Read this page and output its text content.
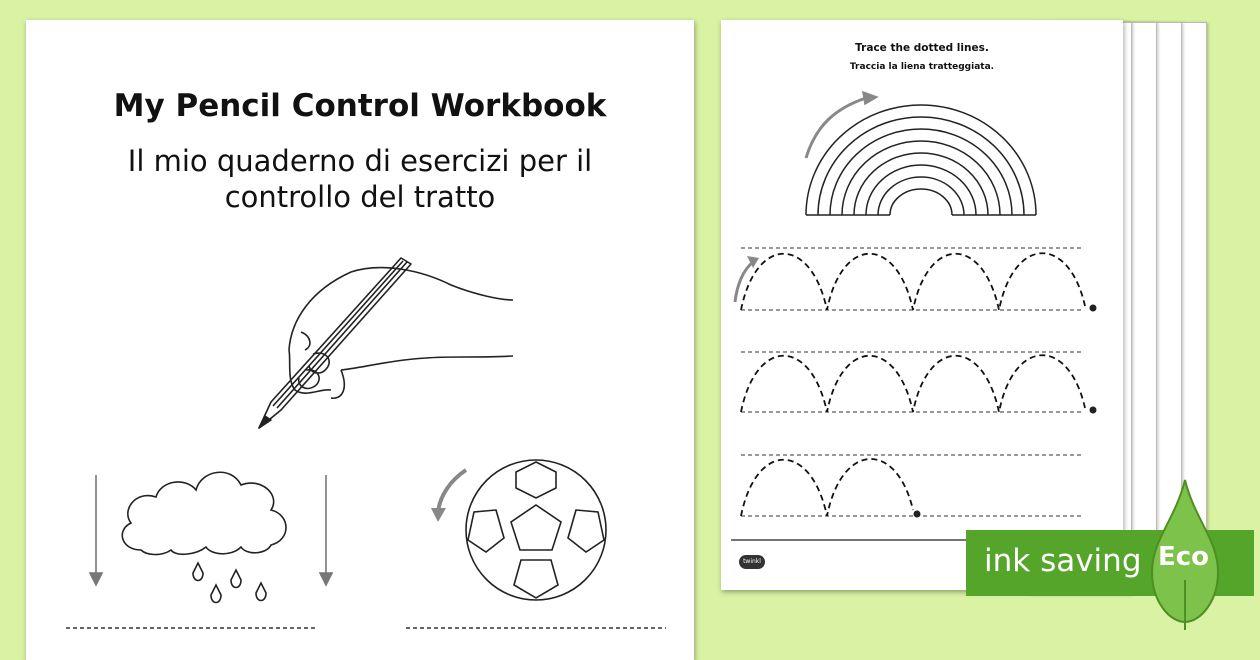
My Pencil Control Workbook
Il mio quaderno di esercizi per il
controllo del tratto
Trace the dotted lines.
Traccia la liena tratteggiata.
twinkl	ink saving Eco
